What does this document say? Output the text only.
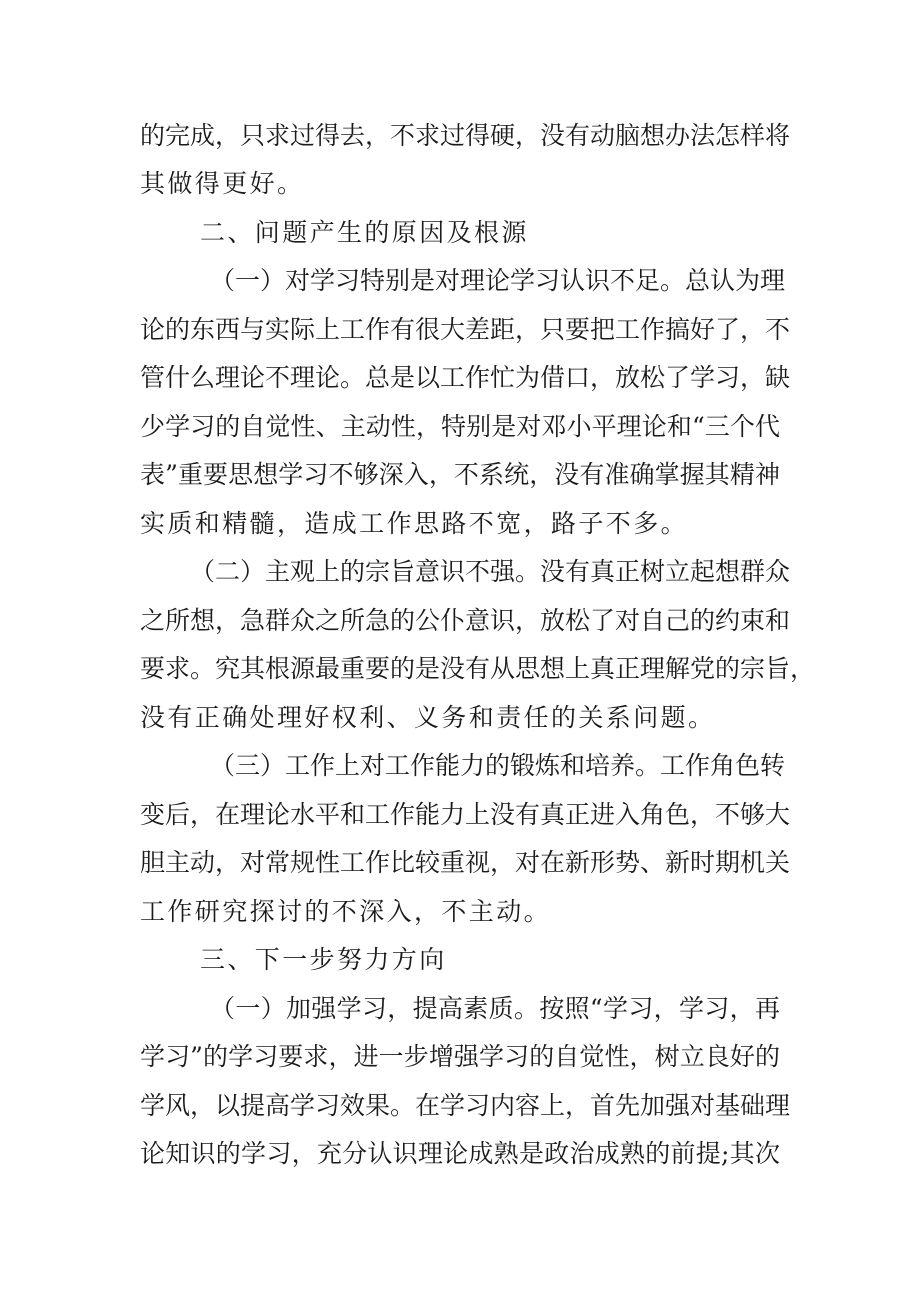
的完成，只求过得去，不求过得硬，没有动脑想办法怎样将
其做得更好。
二、问题产生的原因及根源
（一）对学习特别是对理论学习认识不足。总认为理
论的东西与实际上工作有很大差距，只要把工作搞好了，不
管什么理论不理论。总是以工作忙为借口，放松了学习，缺
少学习的自觉性、主动性，特别是对邓小平理论和“三个代
表”重要思想学习不够深入，不系统，没有准确掌握其精神
实质和精髓，造成工作思路不宽，路子不多。
（二）主观上的宗旨意识不强。没有真正树立起想群众
之所想，急群众之所急的公仆意识，放松了对自己的约束和
要求。究其根源最重要的是没有从思想上真正理解党的宗旨，
没有正确处理好权利、义务和责任的关系问题。
（三）工作上对工作能力的锻炼和培养。工作角色转
变后，在理论水平和工作能力上没有真正进入角色，不够大
胆主动，对常规性工作比较重视，对在新形势、新时期机关
工作研究探讨的不深入，不主动。
三、下一步努力方向
（一）加强学习，提高素质。按照“学习，学习，再
学习”的学习要求，进一步增强学习的自觉性，树立良好的
学风，以提高学习效果。在学习内容上，首先加强对基础理
论知识的学习，充分认识理论成熟是政治成熟的前提;其次
